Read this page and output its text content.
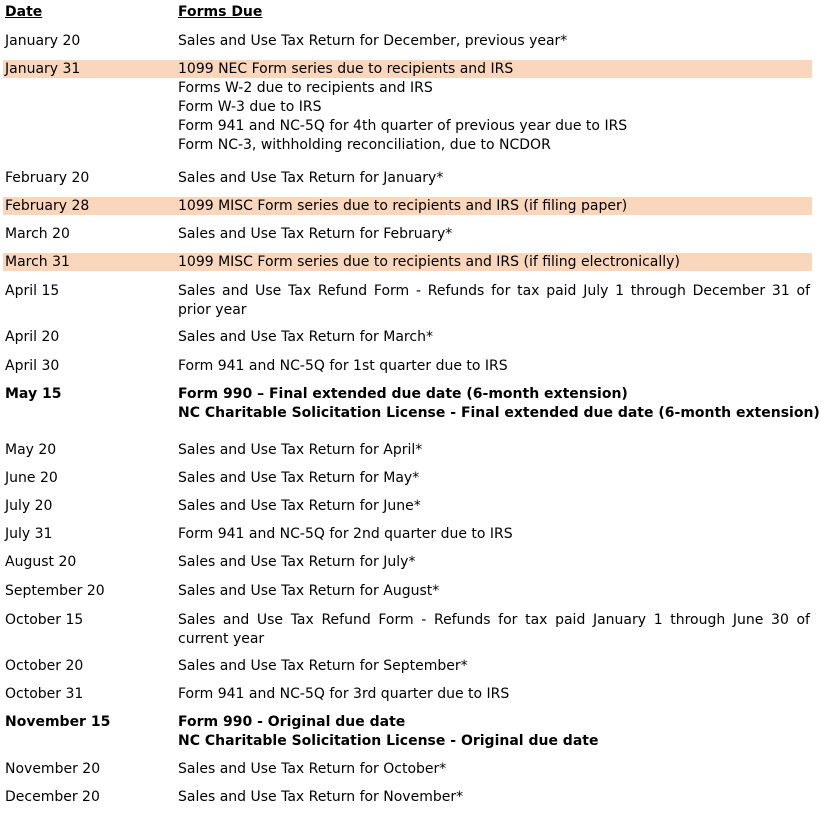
Date	Forms Due
January 20	Sales and Use Tax Return for December, previous year*
January 31	1099 NEC Form series due to recipients and IRS
Forms W-2 due to recipients and IRS
Form W-3 due to IRS
Form 941 and NC-5Q for 4th quarter of previous year due to IRS
Form NC-3, withholding reconciliation, due to NCDOR
February 20	Sales and Use Tax Return for January*
February 28	1099 MISC Form series due to recipients and IRS (if filing paper)
March 20	Sales and Use Tax Return for February*
March 31	1099 MISC Form series due to recipients and IRS (if filing electronically)
April 15	Sales and Use Tax Refund Form - Refunds for tax paid July 1 through December 31 of prior year
April 20	Sales and Use Tax Return for March*
April 30	Form 941 and NC-5Q for 1st quarter due to IRS
May 15	Form 990 – Final extended due date (6-month extension)
NC Charitable Solicitation License - Final extended due date (6-month extension)
May 20	Sales and Use Tax Return for April*
June 20	Sales and Use Tax Return for May*
July 20	Sales and Use Tax Return for June*
July 31	Form 941 and NC-5Q for 2nd quarter due to IRS
August 20	Sales and Use Tax Return for July*
September 20	Sales and Use Tax Return for August*
October 15	Sales and Use Tax Refund Form - Refunds for tax paid January 1 through June 30 of current year
October 20	Sales and Use Tax Return for September*
October 31	Form 941 and NC-5Q for 3rd quarter due to IRS
November 15	Form 990 - Original due date
NC Charitable Solicitation License - Original due date
November 20	Sales and Use Tax Return for October*
December 20	Sales and Use Tax Return for November*
